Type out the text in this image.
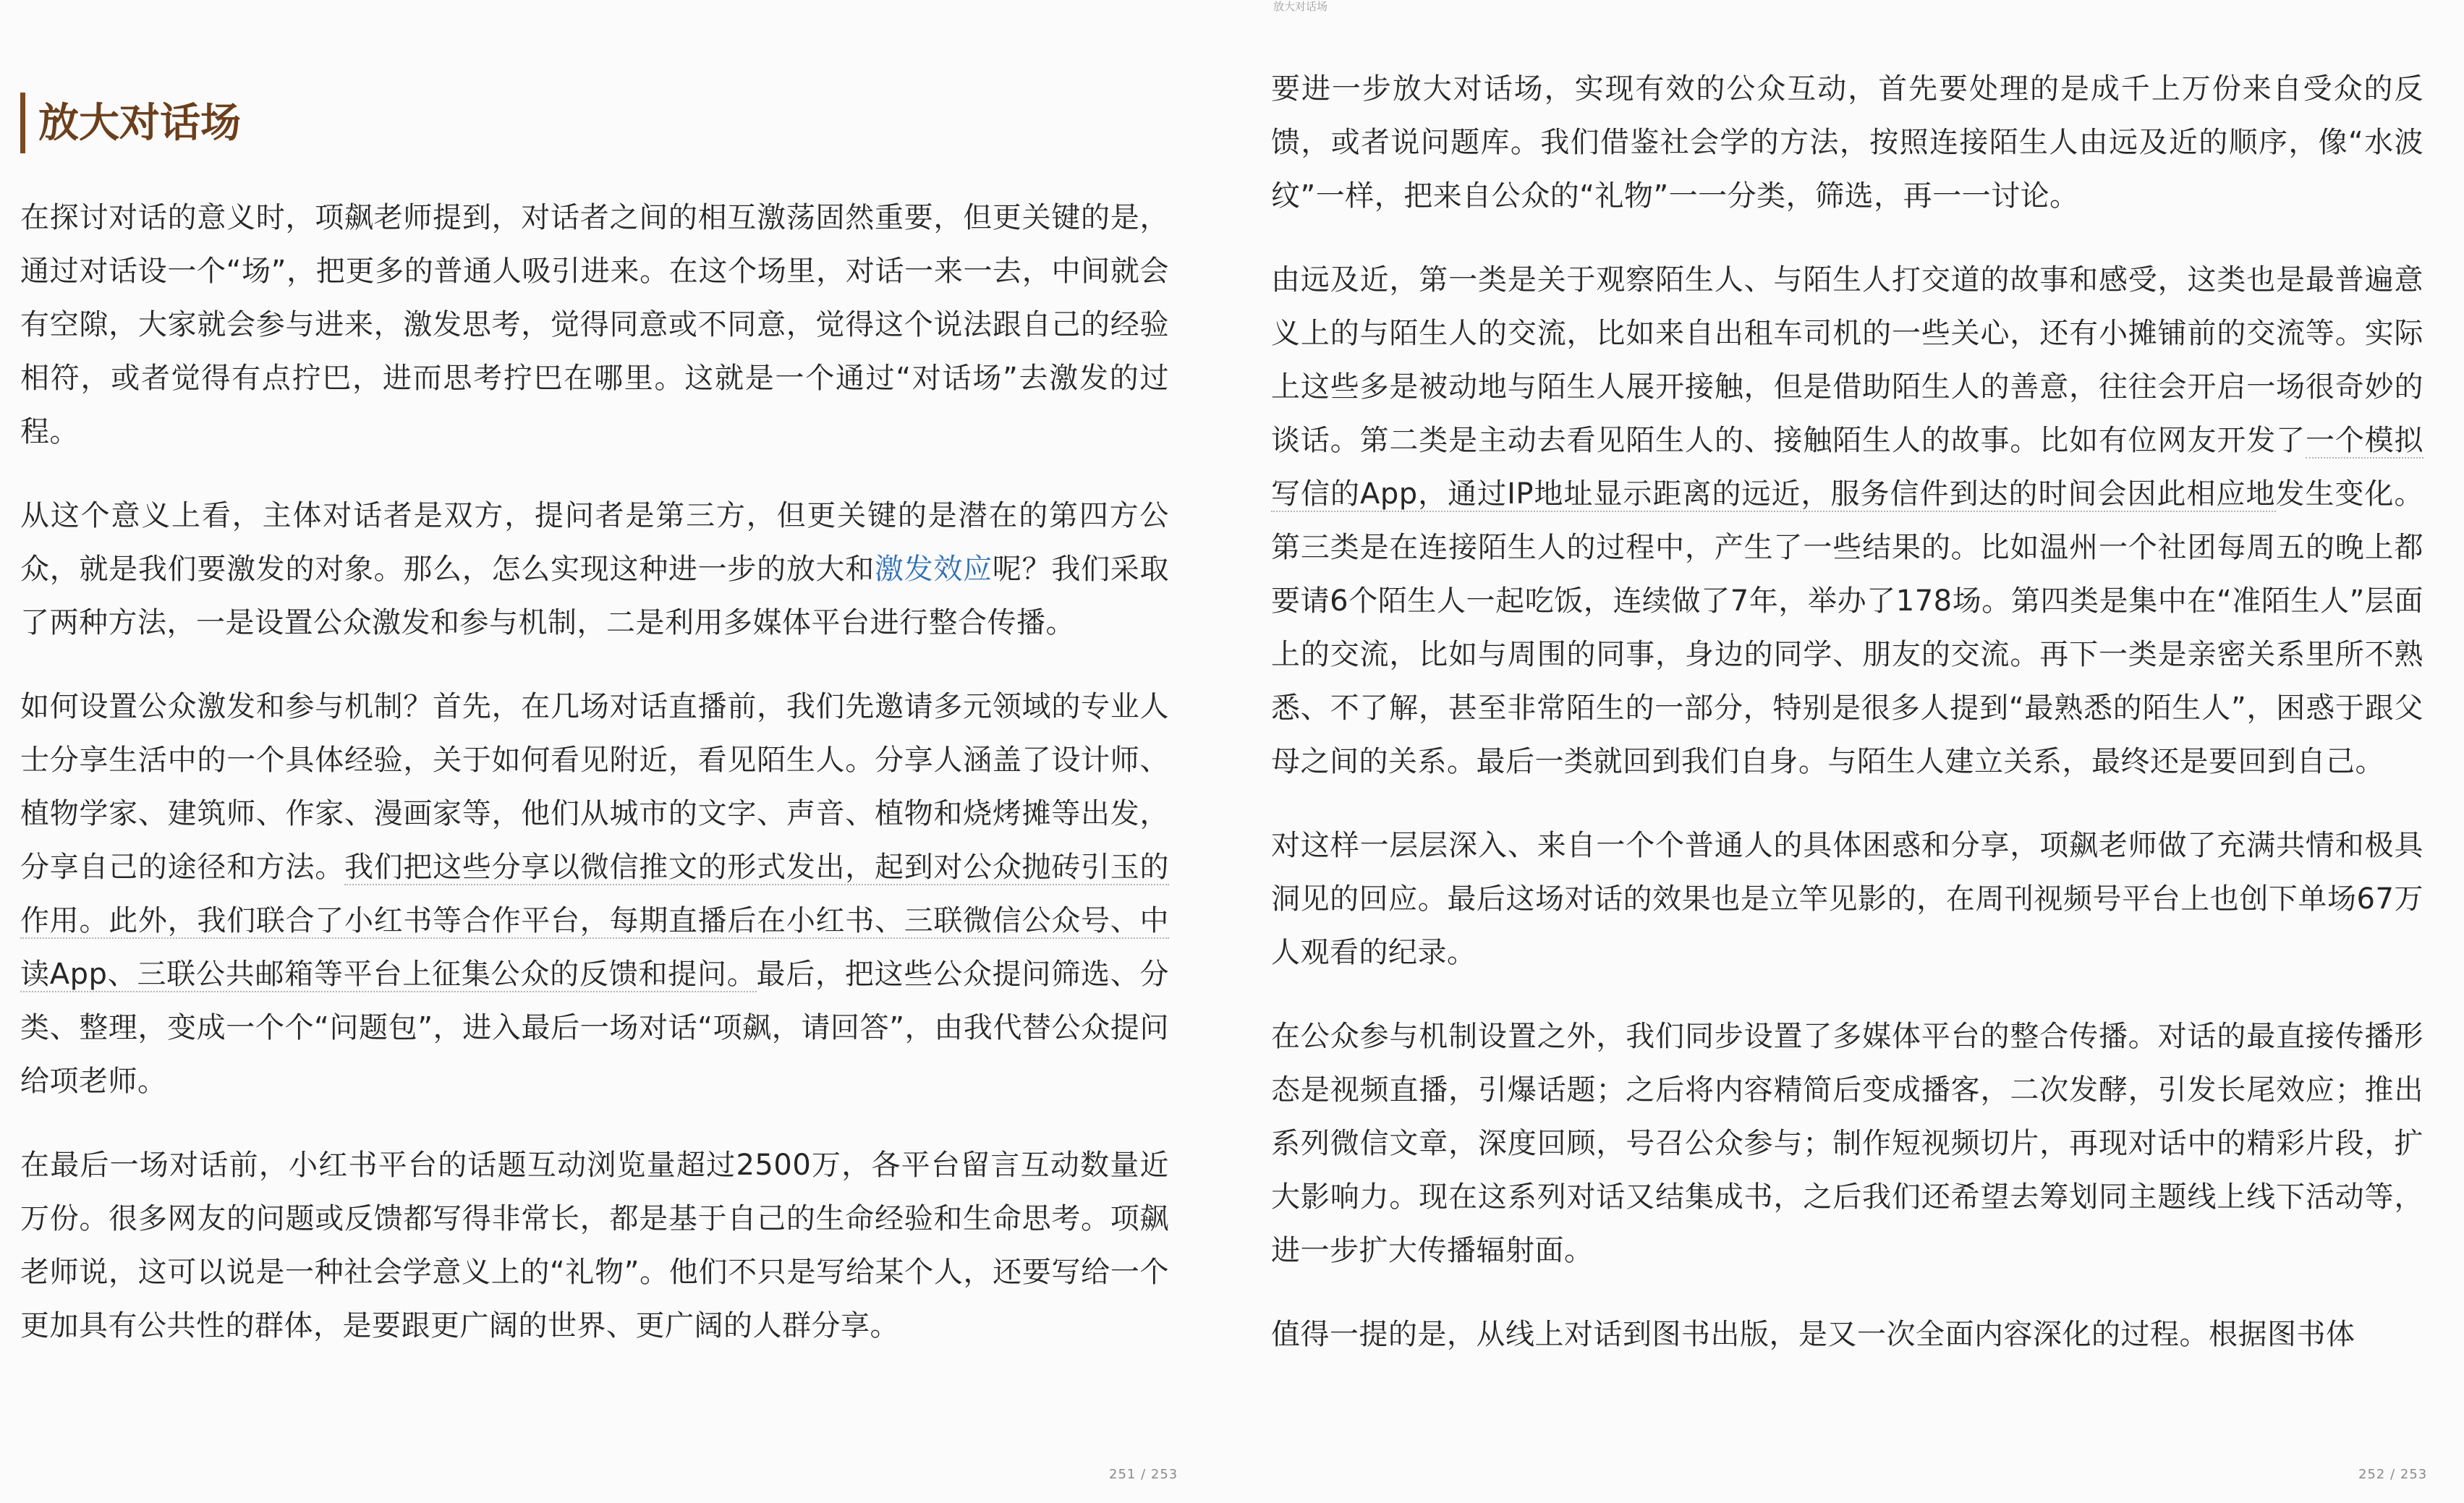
放大对话场

在探讨对话的意义时，项飙老师提到，对话者之间的相互激荡固然重要，但更关键的是，通过对话设一个“场”，把更多的普通人吸引进来。在这个场里，对话一来一去，中间就会有空隙，大家就会参与进来，激发思考，觉得同意或不同意，觉得这个说法跟自己的经验相符，或者觉得有点拧巴，进而思考拧巴在哪里。这就是一个通过“对话场”去激发的过程。

从这个意义上看，主体对话者是双方，提问者是第三方，但更关键的是潜在的第四方公众，就是我们要激发的对象。那么，怎么实现这种进一步的放大和激发效应呢？我们采取了两种方法，一是设置公众激发和参与机制，二是利用多媒体平台进行整合传播。

如何设置公众激发和参与机制？首先，在几场对话直播前，我们先邀请多元领域的专业人士分享生活中的一个具体经验，关于如何看见附近，看见陌生人。分享人涵盖了设计师、植物学家、建筑师、作家、漫画家等，他们从城市的文字、声音、植物和烧烤摊等出发，分享自己的途径和方法。我们把这些分享以微信推文的形式发出，起到对公众抛砖引玉的作用。此外，我们联合了小红书等合作平台，每期直播后在小红书、三联微信公众号、中读App、三联公共邮箱等平台上征集公众的反馈和提问。最后，把这些公众提问筛选、分类、整理，变成一个个“问题包”，进入最后一场对话“项飙，请回答”，由我代替公众提问给项老师。

在最后一场对话前，小红书平台的话题互动浏览量超过2500万，各平台留言互动数量近万份。很多网友的问题或反馈都写得非常长，都是基于自己的生命经验和生命思考。项飙老师说，这可以说是一种社会学意义上的“礼物”。他们不只是写给某个人，还要写给一个更加具有公共性的群体，是要跟更广阔的世界、更广阔的人群分享。

251 / 253
放大对话场

要进一步放大对话场，实现有效的公众互动，首先要处理的是成千上万份来自受众的反馈，或者说问题库。我们借鉴社会学的方法，按照连接陌生人由远及近的顺序，像“水波纹”一样，把来自公众的“礼物”一一分类，筛选，再一一讨论。

由远及近，第一类是关于观察陌生人、与陌生人打交道的故事和感受，这类也是最普遍意义上的与陌生人的交流，比如来自出租车司机的一些关心，还有小摊铺前的交流等。实际上这些多是被动地与陌生人展开接触，但是借助陌生人的善意，往往会开启一场很奇妙的谈话。第二类是主动去看见陌生人的、接触陌生人的故事。比如有位网友开发了一个模拟写信的App，通过IP地址显示距离的远近，服务信件到达的时间会因此相应地发生变化。第三类是在连接陌生人的过程中，产生了一些结果的。比如温州一个社团每周五的晚上都要请6个陌生人一起吃饭，连续做了7年，举办了178场。第四类是集中在“准陌生人”层面上的交流，比如与周围的同事，身边的同学、朋友的交流。再下一类是亲密关系里所不熟悉、不了解，甚至非常陌生的一部分，特别是很多人提到“最熟悉的陌生人”，困惑于跟父母之间的关系。最后一类就回到我们自身。与陌生人建立关系，最终还是要回到自己。

对这样一层层深入、来自一个个普通人的具体困惑和分享，项飙老师做了充满共情和极具洞见的回应。最后这场对话的效果也是立竿见影的，在周刊视频号平台上也创下单场67万人观看的纪录。

在公众参与机制设置之外，我们同步设置了多媒体平台的整合传播。对话的最直接传播形态是视频直播，引爆话题；之后将内容精简后变成播客，二次发酵，引发长尾效应；推出系列微信文章，深度回顾，号召公众参与；制作短视频切片，再现对话中的精彩片段，扩大影响力。现在这系列对话又结集成书，之后我们还希望去筹划同主题线上线下活动等，进一步扩大传播辐射面。

值得一提的是，从线上对话到图书出版，是又一次全面内容深化的过程。根据图书体

252 / 253
